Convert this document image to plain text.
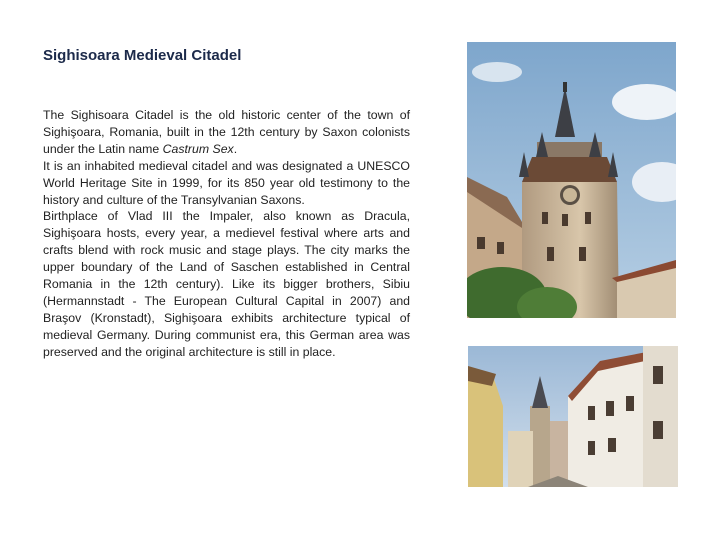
Sighisoara Medieval Citadel

The Sighisoara Citadel is the old historic center of the town of Sighişoara, Romania, built in the 12th century by Saxon colonists under the Latin name Castrum Sex.

It is an inhabited medieval citadel and was designated a UNESCO World Heritage Site in 1999, for its 850 year old testimony to the history and culture of the Transylvanian Saxons.

Birthplace of Vlad III the Impaler, also known as Dracula, Sighişoara hosts, every year, a medievel festival where arts and crafts blend with rock music and stage plays. The city marks the upper boundary of the Land of Saschen established in Central Romania in the 12th century). Like its bigger brothers, Sibiu (Hermannstadt - The European Cultural Capital in 2007) and Braşov (Kronstadt), Sighişoara exhibits architecture typical of medieval Germany. During communist era, this German area was preserved and the original architecture is still in place.
